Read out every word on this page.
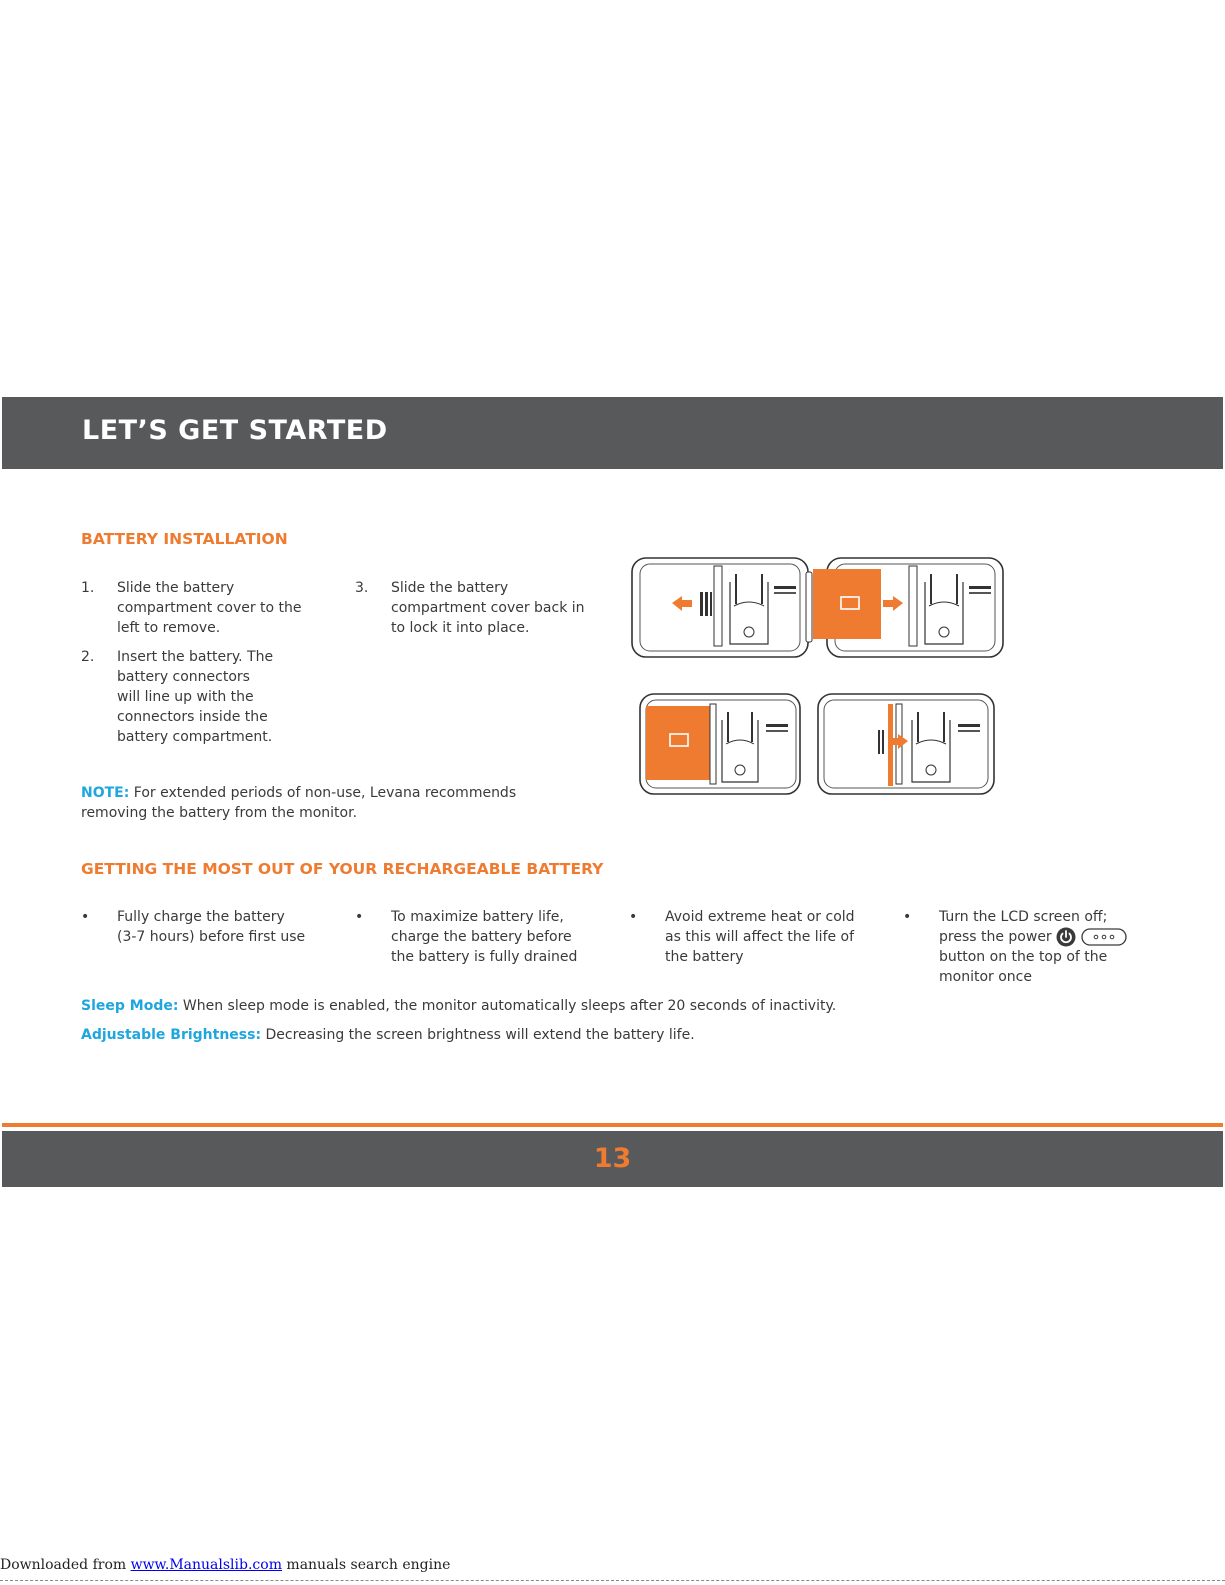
LET’S GET STARTED
BATTERY INSTALLATION
1. Slide the battery
compartment cover to the
left to remove.
2. Insert the battery. The
battery connectors
will line up with the
connectors inside the
battery compartment.
3. Slide the battery
compartment cover back in
to lock it into place.
NOTE: For extended periods of non-use, Levana recommends
removing the battery from the monitor.
GETTING THE MOST OUT OF YOUR RECHARGEABLE BATTERY
• Fully charge the battery
(3-7 hours) before first use
• To maximize battery life,
charge the battery before
the battery is fully drained
• Avoid extreme heat or cold
as this will affect the life of
the battery
• Turn the LCD screen off;
press the power
button on the top of the
monitor once
Sleep Mode: When sleep mode is enabled, the monitor automatically sleeps after 20 seconds of inactivity.
Adjustable Brightness: Decreasing the screen brightness will extend the battery life.
13
Downloaded from www.Manualslib.com manuals search engine
